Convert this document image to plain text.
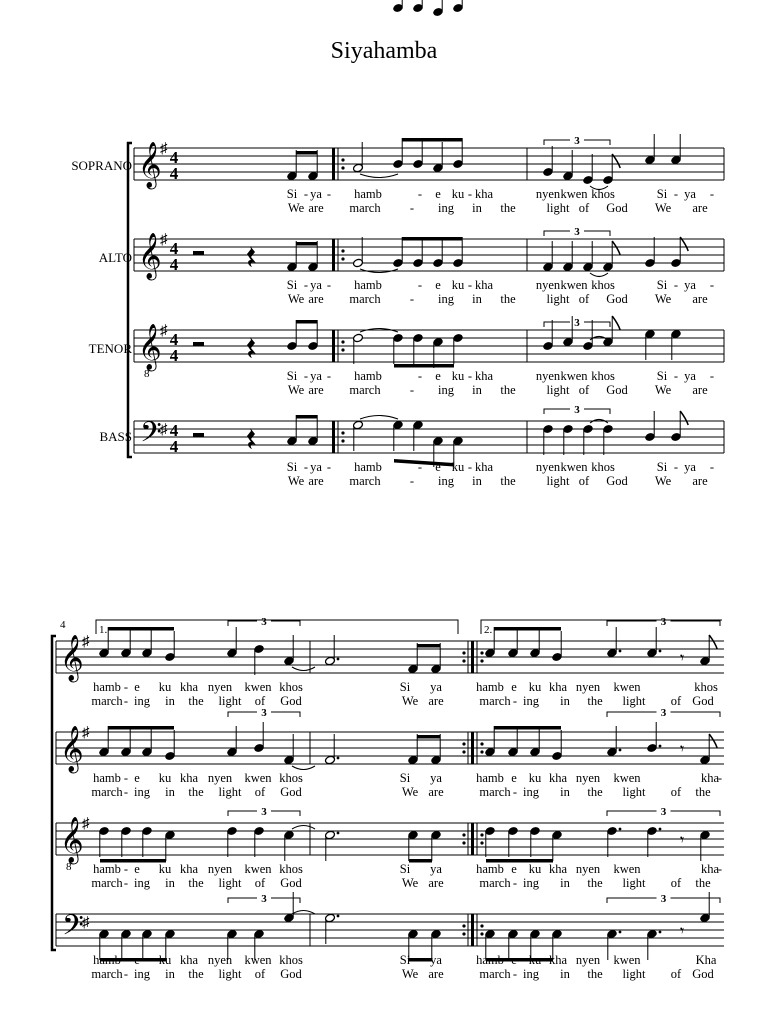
Siyahamba
SOPRANO
ALTO
TENOR
BASS
𝄞
♯ 4
4
𝄞
♯ 4
4
𝄞
8
♯ 4
4
𝄢
♯ 4
4
3
3
3
3
Si - ya - hamb	- e ku - kha	nyen kwen khos	Si - ya -
We are march - ing in the light of God We are
Si - ya - hamb	- e ku - kha	nyen kwen khos	Si - ya -
We are march - ing in the light of God We are
Si - ya - hamb	- e ku - kha	nyen kwen khos	Si - ya -
We are march - ing in the light of God We are
Si - ya - hamb	- e ku - kha	nyen kwen khos	Si - ya -
We are march - ing in the light of God We are
4	1.	2.
𝄞
♯
𝄞
♯
𝄞
8
♯
𝄢
♯
3
𝄾
3
3
𝄾
3
3
𝄾
3
3
𝄾
3
hamb - e ku kha nyen kwen khos	Si ya	hamb e ku kha nyen kwen	khos
march - ing in the light of God	We are	march - ing in the light of God
hamb - e ku kha nyen kwen khos	Si ya	hamb e ku kha nyen kwen	kha
-
march - ing in the light of God	We are	march - ing in the light of the
hamb - e ku kha nyen kwen khos	Si ya	hamb e ku kha nyen kwen	kha
-
march - ing in the light of God	We are	march - ing in the light of the
hamb - e ku kha nyen kwen khos	Si ya	hamb e ku kha nyen kwen	Kha
march - ing in the light of God	We are	march - ing in the light of God
